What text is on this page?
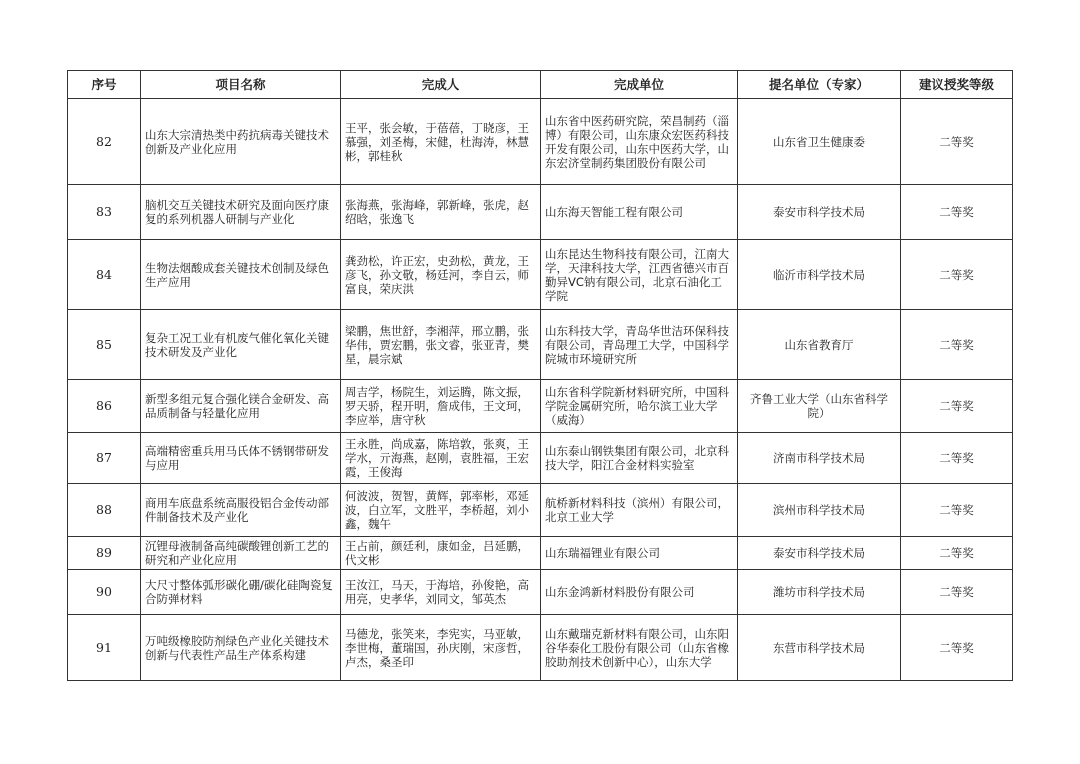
序号	项目名称	完成人	完成单位	提名单位（专家）	建议授奖等级
82	山东大宗清热类中药抗病毒关键技术创新及产业化应用	王平，张会敏，于蓓蓓，丁晓彦，王慕强，刘圣梅，宋健，杜海涛，林慧彬，郭桂秋	山东省中医药研究院，荣昌制药（淄博）有限公司，山东康众宏医药科技开发有限公司，山东中医药大学，山东宏济堂制药集团股份有限公司	山东省卫生健康委	二等奖
83	脑机交互关键技术研究及面向医疗康复的系列机器人研制与产业化	张海燕，张海峰，郭新峰，张虎，赵绍晗，张逸飞	山东海天智能工程有限公司	泰安市科学技术局	二等奖
84	生物法烟酸成套关键技术创制及绿色生产应用	龚劲松，许正宏，史劲松，黄龙，王彦飞，孙文敬，杨廷河，李自云，师富良，荣庆洪	山东昆达生物科技有限公司，江南大学，天津科技大学，江西省德兴市百勤异VC钠有限公司，北京石油化工学院	临沂市科学技术局	二等奖
85	复杂工况工业有机废气催化氧化关键技术研发及产业化	梁鹏，焦世舒，李湘萍，邢立鹏，张华伟，贾宏鹏，张文睿，张亚青，樊星，晨宗斌	山东科技大学，青岛华世洁环保科技有限公司，青岛理工大学，中国科学院城市环境研究所	山东省教育厅	二等奖
86	新型多组元复合强化镁合金研发、高品质制备与轻量化应用	周吉学，杨院生，刘运腾，陈文振，罗天骄，程开明，詹成伟，王文珂，李应举，唐守秋	山东省科学院新材料研究所，中国科学院金属研究所，哈尔滨工业大学（威海）	齐鲁工业大学（山东省科学院）	二等奖
87	高端精密重兵用马氏体不锈钢带研发与应用	王永胜，尚成嘉，陈培敦，张爽，王学水，亓海燕，赵刚，袁胜福，王宏霞，王俊海	山东泰山钢铁集团有限公司，北京科技大学，阳江合金材料实验室	济南市科学技术局	二等奖
88	商用车底盘系统高服役铝合金传动部件制备技术及产业化	何波波，贺智，黄辉，郭率彬，邓延波，白立军，文胜平，李桥超，刘小鑫，魏午	航桥新材料科技（滨州）有限公司，北京工业大学	滨州市科学技术局	二等奖
89	沉锂母液制备高纯碳酸锂创新工艺的研究和产业化应用	王占前，颜廷利，康如金，吕延鹏，代文彬	山东瑞福锂业有限公司	泰安市科学技术局	二等奖
90	大尺寸整体弧形碳化硼/碳化硅陶瓷复合防弹材料	王汝江，马天，于海培，孙俊艳，高用亮，史孝华，刘同文，邹英杰	山东金鸿新材料股份有限公司	潍坊市科学技术局	二等奖
91	万吨级橡胶防剂绿色产业化关键技术创新与代表性产品生产体系构建	马德龙，张笑来，李宪实，马亚敏，李世梅，董瑞国，孙庆刚，宋彦哲，卢杰，桑圣印	山东戴瑞克新材料有限公司，山东阳谷华泰化工股份有限公司（山东省橡胶助剂技术创新中心），山东大学	东营市科学技术局	二等奖
